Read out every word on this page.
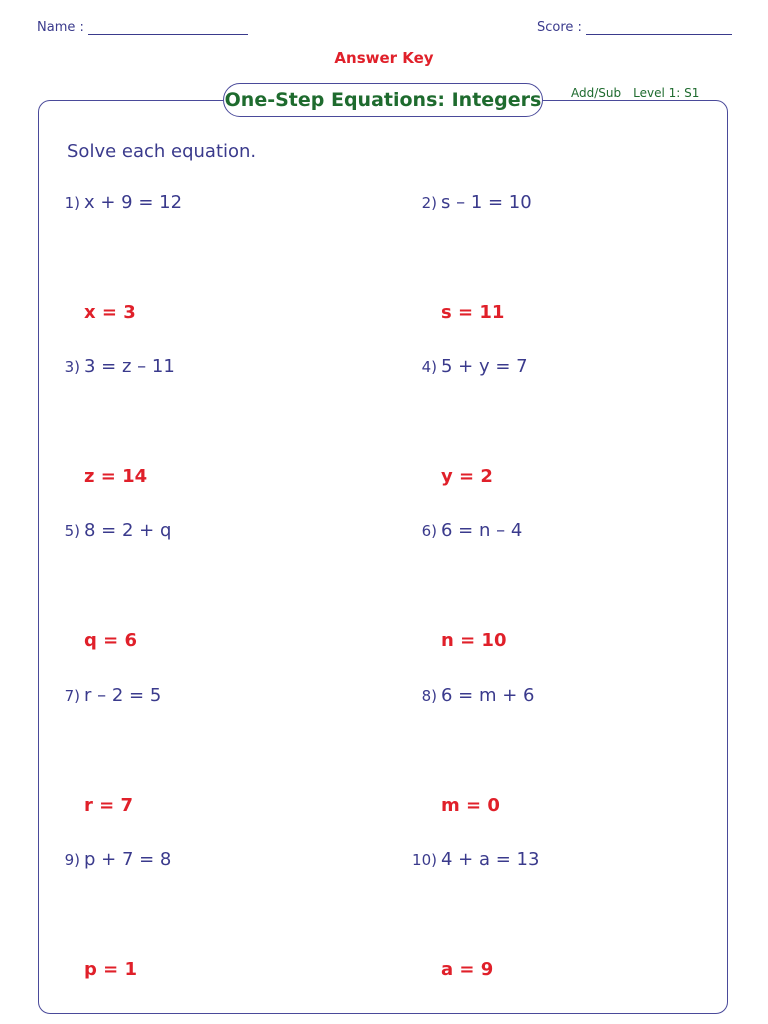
Name :	Score :
Answer Key
One-Step Equations: Integers Add/Sub Level 1: S1
Solve each equation.
1) x + 9 = 12
x = 3
2) s – 1 = 10
s = 11
3) 3 = z – 11
z = 14
4) 5 + y = 7
y = 2
5) 8 = 2 + q
q = 6
6) 6 = n – 4
n = 10
7) r – 2 = 5
r = 7
8) 6 = m + 6
m = 0
9) p + 7 = 8
p = 1
10) 4 + a = 13
a = 9
